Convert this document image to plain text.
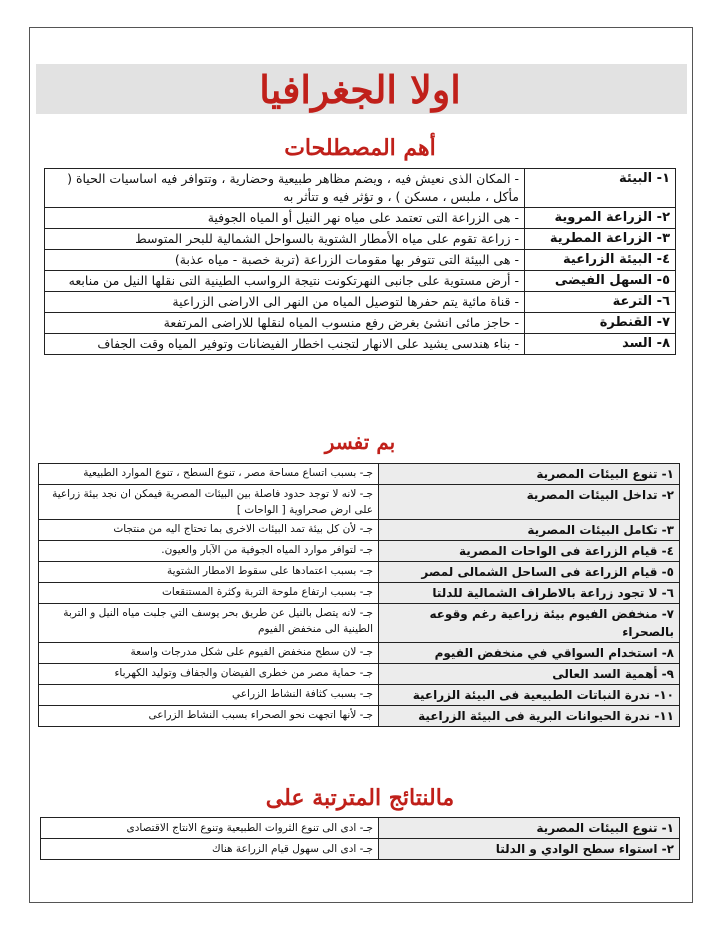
اولا الجغرافيا
أهم المصطلحات
١- البيئة	- المكان الذى نعيش فيه ، ويضم مظاهر طبيعية وحضارية ، وتتوافر فيه اساسيات الحياة ( مأكل ، ملبس ، مسكن ) ، و تؤثر فيه و تتأثر به
٢- الزراعة المروية	- هى الزراعة التى تعتمد على مياه نهر النيل أو المياه الجوفية
٣- الزراعة المطرية	- زراعة تقوم على مياه الأمطار الشتوية بالسواحل الشمالية للبحر المتوسط
٤- البيئة الزراعية	- هى البيئة التى تتوفر بها مقومات الزراعة (تربة خصبة - مياه عذبة)
٥- السهل الفيضى	- أرض مستوية على جانبى النهرتكونت نتيجة الرواسب الطينية التى نقلها النيل من منابعه
٦- الترعة	- قناة مائية يتم حفرها لتوصيل المياه من النهر الى الاراضى الزراعية
٧- القنطرة	- حاجز مائى انشئ بغرض رفع منسوب المياه لنقلها للاراضى المرتفعة
٨- السد	- بناء هندسى يشيد على الانهار لتجنب اخطار الفيضانات وتوفير المياه وقت الجفاف
بم تفسر
١- تنوع البيئات المصرية	جـ- بسبب اتساع مساحة مصر ، تنوع السطح ، تنوع الموارد الطبيعية
٢- تداخل البيئات المصرية	جـ- لانه لا توجد حدود فاصلة بين البيئات المصرية فيمكن ان نجد بيئة زراعية على ارض صحراوية [ الواحات ]
٣- تكامل البيئات المصرية	جـ- لأن كل بيئة تمد البيئات الاخرى بما تحتاج اليه من منتجات
٤- قيام الزراعة فى الواحات المصرية	جـ- لتوافر موارد المياه الجوفية من الآبار والعيون.
٥- قيام الزراعة فى الساحل الشمالى لمصر	جـ- بسبب اعتمادها على سقوط الامطار الشتوية
٦- لا تجود زراعة بالاطراف الشمالية للدلتا	جـ- بسبب ارتفاع ملوحة التربة وكثرة المستنقعات
٧- منخفض الفيوم بيئة زراعية رغم وقوعه بالصحراء	جـ- لانه يتصل بالنيل عن طريق بحر يوسف التي جلبت مياه النيل و التربة الطينية الى منخفض الفيوم
٨- استخدام السواقي في منخفض الفيوم	جـ- لان سطح منخفض الفيوم على شكل مدرجات واسعة
٩- أهمية السد العالى	جـ- حماية مصر من خطرى الفيضان والجفاف وتوليد الكهرباء
١٠- ندرة النباتات الطبيعية فى البيئة الزراعية	جـ- بسبب كثافة النشاط الزراعي
١١- ندرة الحيوانات البرية فى البيئة الزراعية	جـ- لأنها اتجهت نحو الصحراء بسبب النشاط الزراعى
مالنتائج المترتبة على
١- تنوع البيئات المصرية	جـ- ادى الى تنوع الثروات الطبيعية وتنوع الانتاج الاقتصادى
٢- استواء سطح الوادي و الدلتا	جـ- ادى الى سهول قيام الزراعة هناك
